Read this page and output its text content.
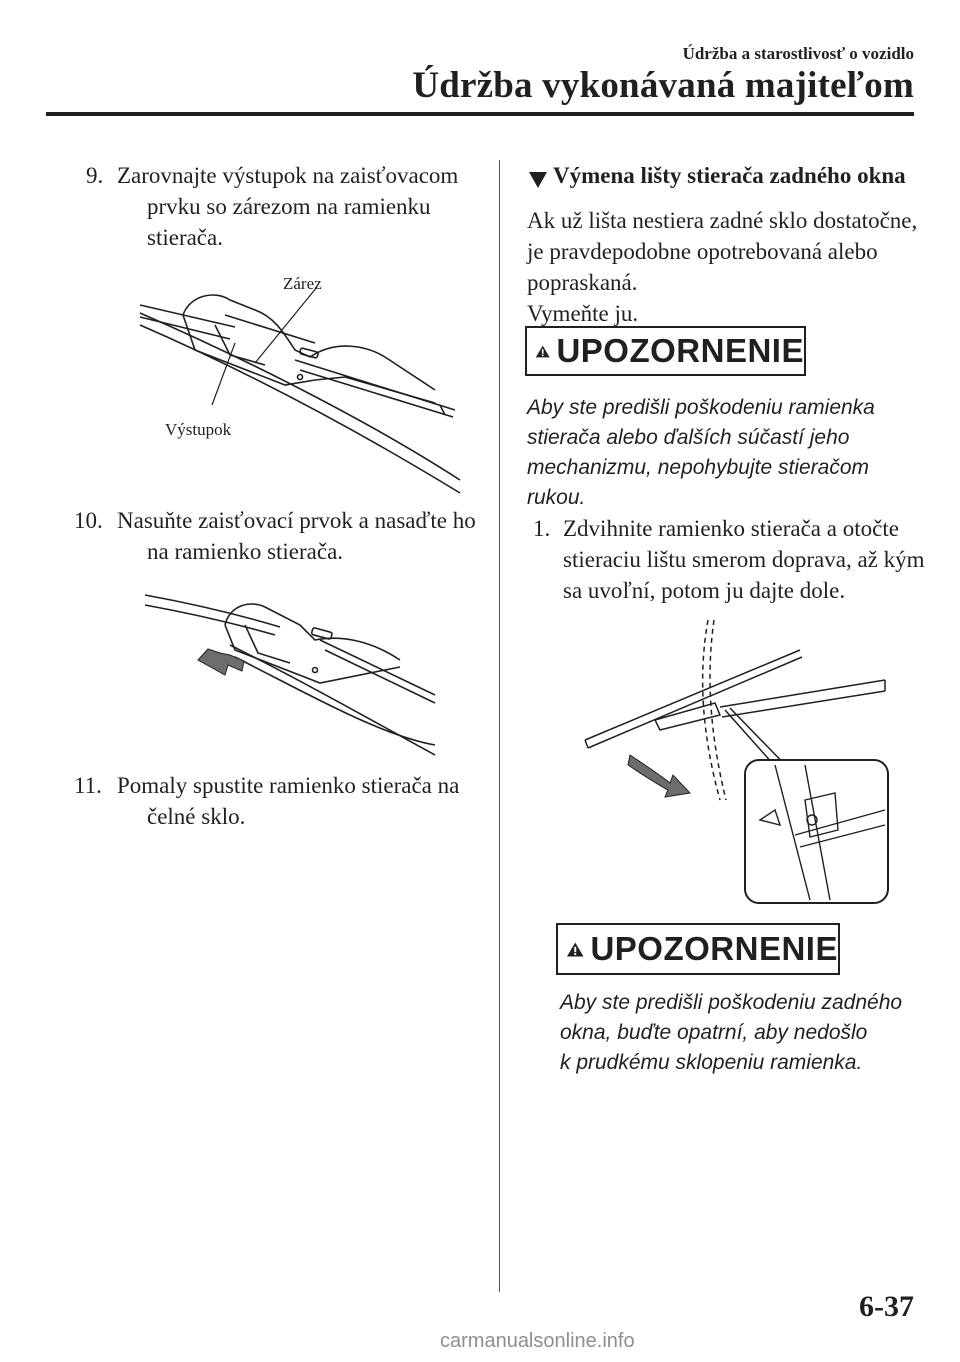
Údržba a starostlivosť o vozidlo
Údržba vykonávaná majiteľom
9. Zarovnajte výstupok na zaisťovacom
prvku so zárezom na ramienku
stierača.
Zárez
Výstupok
10. Nasuňte zaisťovací prvok a nasaďte ho
na ramienko stierača.
11. Pomaly spustite ramienko stierača na
čelné sklo.
Výmena lišty stierača zadného okna
Ak už lišta nestiera zadné sklo dostatočne,
je pravdepodobne opotrebovaná alebo
popraskaná.
Vymeňte ju.
UPOZORNENIE
Aby ste predišli poškodeniu ramienka
stierača alebo ďalších súčastí jeho
mechanizmu, nepohybujte stieračom
rukou.
1. Zdvihnite ramienko stierača a otočte
stieraciu lištu smerom doprava, až kým
sa uvoľní, potom ju dajte dole.
UPOZORNENIE
Aby ste predišli poškodeniu zadného
okna, buďte opatrní, aby nedošlo
k prudkému sklopeniu ramienka.
6-37
carmanualsonline.info
